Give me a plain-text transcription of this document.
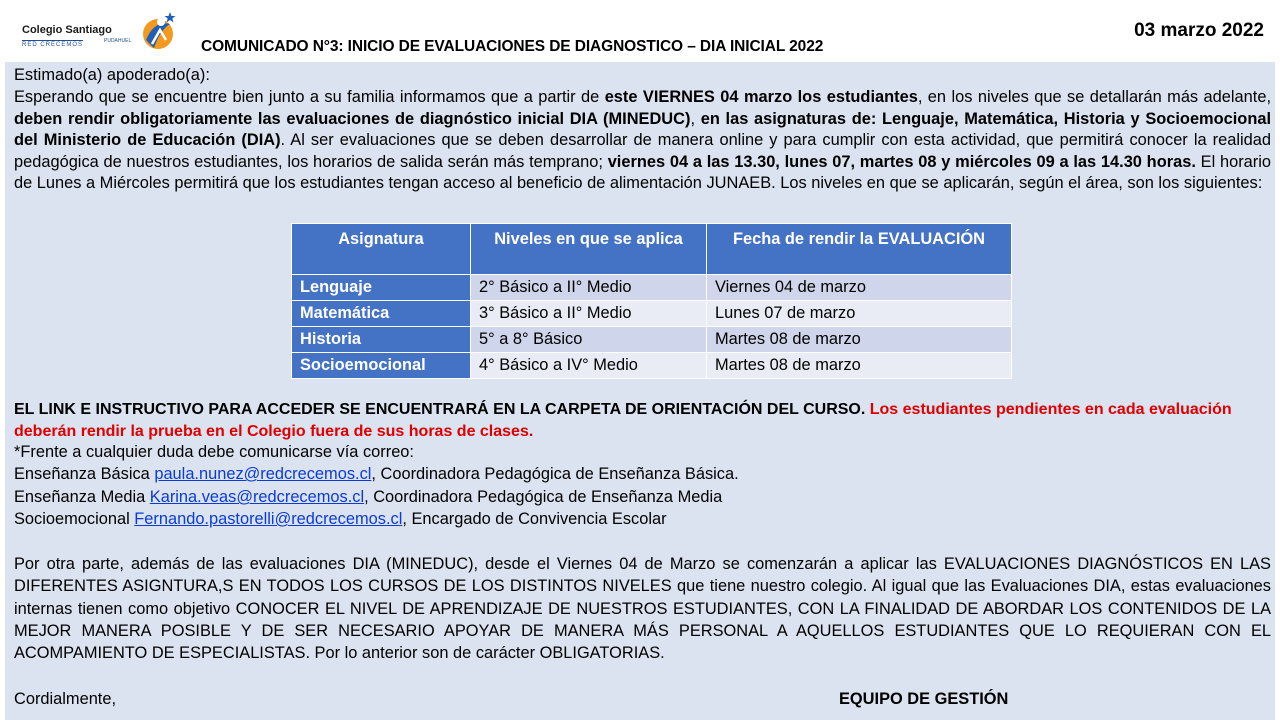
Colegio Santiago
RED CRECEMOS
PUDAHUEL	03 marzo 2022
COMUNICADO N°3: INICIO DE EVALUACIONES DE DIAGNOSTICO – DIA INICIAL 2022
Estimado(a) apoderado(a):
Esperando que se encuentre bien junto a su familia informamos que a partir de este VIERNES 04 marzo los estudiantes, en los niveles que se detallarán más adelante, deben rendir obligatoriamente las evaluaciones de diagnóstico inicial DIA (MINEDUC), en las asignaturas de: Lenguaje, Matemática, Historia y Socioemocional del Ministerio de Educación (DIA). Al ser evaluaciones que se deben desarrollar de manera online y para cumplir con esta actividad, que permitirá conocer la realidad pedagógica de nuestros estudiantes, los horarios de salida serán más temprano; viernes 04 a las 13.30, lunes 07, martes 08 y miércoles 09 a las 14.30 horas. El horario de Lunes a Miércoles permitirá que los estudiantes tengan acceso al beneficio de alimentación JUNAEB. Los niveles en que se aplicarán, según el área, son los siguientes:
Asignatura	Niveles en que se aplica	Fecha de rendir la EVALUACIÓN
Lenguaje	2° Básico a II° Medio	Viernes 04 de marzo
Matemática	3° Básico a II° Medio	Lunes 07 de marzo
Historia	5° a 8° Básico	Martes 08 de marzo
Socioemocional	4° Básico a IV° Medio	Martes 08 de marzo
EL LINK E INSTRUCTIVO PARA ACCEDER SE ENCUENTRARÁ EN LA CARPETA DE ORIENTACIÓN DEL CURSO. Los estudiantes pendientes en cada evaluación deberán rendir la prueba en el Colegio fuera de sus horas de clases.
*Frente a cualquier duda debe comunicarse vía correo:
Enseñanza Básica paula.nunez@redcrecemos.cl, Coordinadora Pedagógica de Enseñanza Básica.
Enseñanza Media Karina.veas@redcrecemos.cl, Coordinadora Pedagógica de Enseñanza Media
Socioemocional Fernando.pastorelli@redcrecemos.cl, Encargado de Convivencia Escolar
Por otra parte, además de las evaluaciones DIA (MINEDUC), desde el Viernes 04 de Marzo se comenzarán a aplicar las EVALUACIONES DIAGNÓSTICOS EN LAS DIFERENTES ASIGNTURA,S EN TODOS LOS CURSOS DE LOS DISTINTOS NIVELES que tiene nuestro colegio. Al igual que las Evaluaciones DIA, estas evaluaciones internas tienen como objetivo CONOCER EL NIVEL DE APRENDIZAJE DE NUESTROS ESTUDIANTES, CON LA FINALIDAD DE ABORDAR LOS CONTENIDOS DE LA MEJOR MANERA POSIBLE Y DE SER NECESARIO APOYAR DE MANERA MÁS PERSONAL A AQUELLOS ESTUDIANTES QUE LO REQUIERAN CON EL ACOMPAMIENTO DE ESPECIALISTAS. Por lo anterior son de carácter OBLIGATORIAS.
Cordialmente,	EQUIPO DE GESTIÓN
